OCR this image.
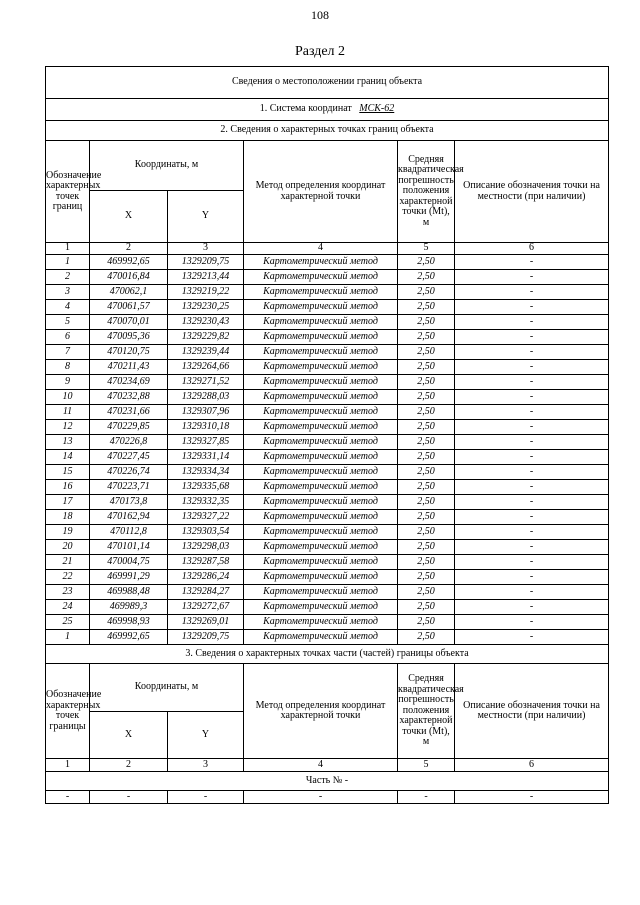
108
Раздел 2
Сведения о местоположении границ объекта					
1. Система координат МСК-62					
2. Сведения о характерных точках границ объекта					
Обозначение характерных точек границ	Координаты, м		Метод определения координат характерной точки	Средняя квадратическая погрешность положения характерной точки (Mt), м	Описание обозначения точки на местности (при наличии)
	X	Y			
1	2	3	4	5	6
1	469992,65	1329209,75	Картометрический метод	2,50	-
2	470016,84	1329213,44	Картометрический метод	2,50	-
3	470062,1	1329219,22	Картометрический метод	2,50	-
4	470061,57	1329230,25	Картометрический метод	2,50	-
5	470070,01	1329230,43	Картометрический метод	2,50	-
6	470095,36	1329229,82	Картометрический метод	2,50	-
7	470120,75	1329239,44	Картометрический метод	2,50	-
8	470211,43	1329264,66	Картометрический метод	2,50	-
9	470234,69	1329271,52	Картометрический метод	2,50	-
10	470232,88	1329288,03	Картометрический метод	2,50	-
11	470231,66	1329307,96	Картометрический метод	2,50	-
12	470229,85	1329310,18	Картометрический метод	2,50	-
13	470226,8	1329327,85	Картометрический метод	2,50	-
14	470227,45	1329331,14	Картометрический метод	2,50	-
15	470226,74	1329334,34	Картометрический метод	2,50	-
16	470223,71	1329335,68	Картометрический метод	2,50	-
17	470173,8	1329332,35	Картометрический метод	2,50	-
18	470162,94	1329327,22	Картометрический метод	2,50	-
19	470112,8	1329303,54	Картометрический метод	2,50	-
20	470101,14	1329298,03	Картометрический метод	2,50	-
21	470004,75	1329287,58	Картометрический метод	2,50	-
22	469991,29	1329286,24	Картометрический метод	2,50	-
23	469988,48	1329284,27	Картометрический метод	2,50	-
24	469989,3	1329272,67	Картометрический метод	2,50	-
25	469998,93	1329269,01	Картометрический метод	2,50	-
1	469992,65	1329209,75	Картометрический метод	2,50	-
3. Сведения о характерных точках части (частей) границы объекта					
Обозначение характерных точек границы	Координаты, м		Метод определения координат характерной точки	Средняя квадратическая погрешность положения характерной точки (Mt), м	Описание обозначения точки на местности (при наличии)
	X	Y			
1	2	3	4	5	6
Часть № -					
-	-	-	-	-	-
